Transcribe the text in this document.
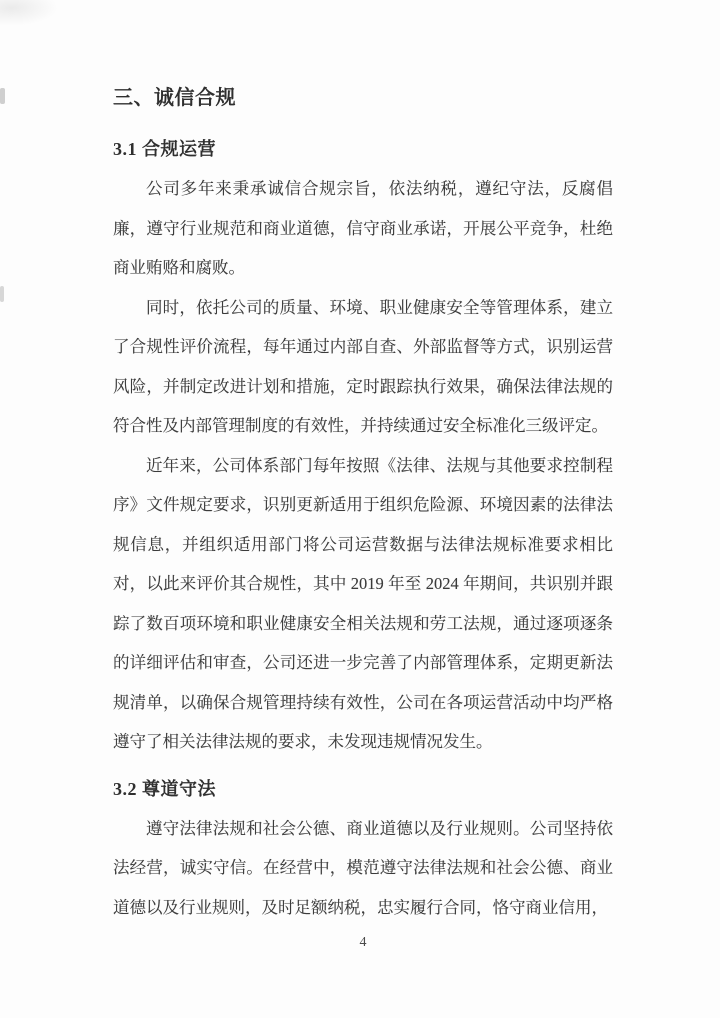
三、诚信合规
3.1 合规运营

公司多年来秉承诚信合规宗旨，依法纳税，遵纪守法，反腐倡廉，遵守行业规范和商业道德，信守商业承诺，开展公平竞争，杜绝商业贿赂和腐败。

同时，依托公司的质量、环境、职业健康安全等管理体系，建立了合规性评价流程，每年通过内部自查、外部监督等方式，识别运营风险，并制定改进计划和措施，定时跟踪执行效果，确保法律法规的符合性及内部管理制度的有效性，并持续通过安全标准化三级评定。

近年来，公司体系部门每年按照《法律、法规与其他要求控制程序》文件规定要求，识别更新适用于组织危险源、环境因素的法律法规信息，并组织适用部门将公司运营数据与法律法规标准要求相比对，以此来评价其合规性，其中 2019 年至 2024 年期间，共识别并跟踪了数百项环境和职业健康安全相关法规和劳工法规，通过逐项逐条的详细评估和审查，公司还进一步完善了内部管理体系，定期更新法规清单，以确保合规管理持续有效性，公司在各项运营活动中均严格遵守了相关法律法规的要求，未发现违规情况发生。

3.2 尊道守法

遵守法律法规和社会公德、商业道德以及行业规则。公司坚持依法经营，诚实守信。在经营中，模范遵守法律法规和社会公德、商业道德以及行业规则，及时足额纳税，忠实履行合同，恪守商业信用，

4
